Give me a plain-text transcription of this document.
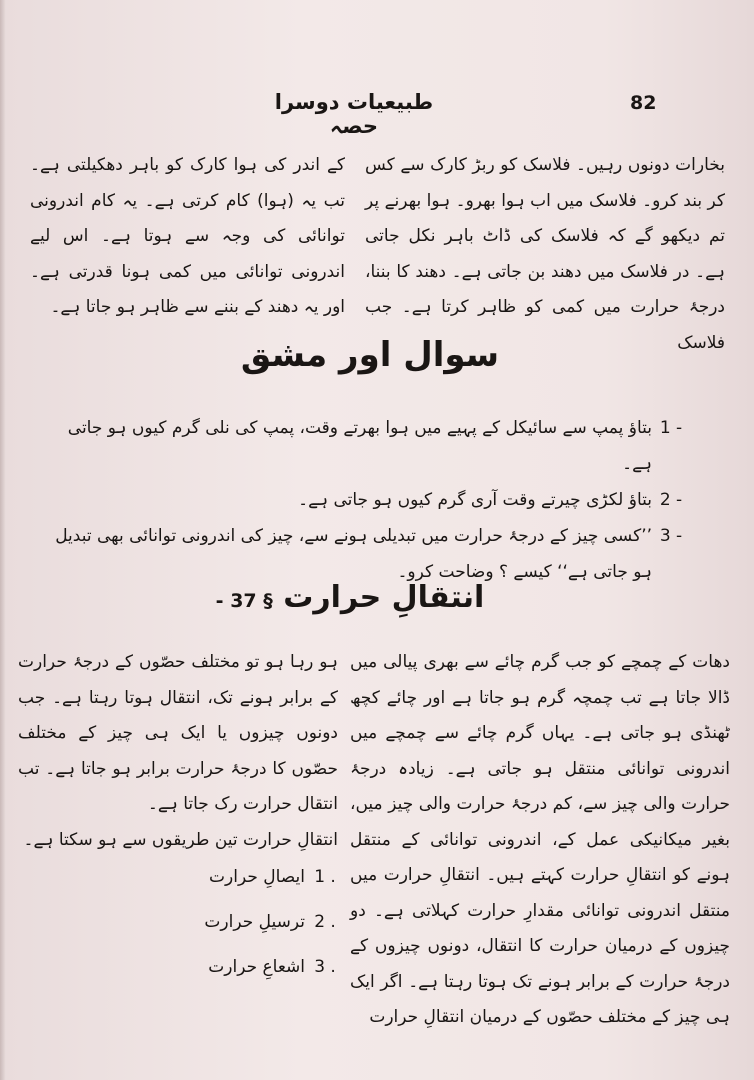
طبیعیات دوسرا حصہ
82

بخارات دونوں رہیں۔ فلاسک کو ربڑ کارک سے کس کر بند کرو۔ فلاسک میں اب ہوا بھرو۔ ہوا بھرنے پر تم دیکھو گے کہ فلاسک کی ڈاٹ باہر نکل جاتی ہے۔ در فلاسک میں دھند بن جاتی ہے۔ دھند کا بننا، درجۂ حرارت میں کمی کو ظاہر کرتا ہے۔ جب فلاسک

کے اندر کی ہوا کارک کو باہر دھکیلتی ہے۔ تب یہ (ہوا) کام کرتی ہے۔ یہ کام اندرونی توانائی کی وجہ سے ہوتا ہے۔ اس لیے اندرونی توانائی میں کمی ہونا قدرتی ہے۔ اور یہ دھند کے بننے سے ظاہر ہو جاتا ہے۔

سوال اور مشق
1 -
بتاؤ پمپ سے سائیکل کے پہیے میں ہوا بھرتے وقت، پمپ کی نلی گرم کیوں ہو جاتی ہے۔
2 -
بتاؤ لکڑی چیرتے وقت آری گرم کیوں ہو جاتی ہے۔
3 -
’’کسی چیز کے درجۂ حرارت میں تبدیلی ہونے سے، چیز کی اندرونی توانائی بھی تبدیل ہو جاتی ہے‘‘ کیسے ؟ وضاحت کرو۔
انتقالِ حرارت § 37 -

دھات کے چمچے کو جب گرم چائے سے بھری پیالی میں ڈالا جاتا ہے تب چمچہ گرم ہو جاتا ہے اور چائے کچھ ٹھنڈی ہو جاتی ہے۔ یہاں گرم چائے سے چمچے میں اندرونی توانائی منتقل ہو جاتی ہے۔ زیادہ درجۂ حرارت والی چیز سے، کم درجۂ حرارت والی چیز میں، بغیر میکانیکی عمل کے، اندرونی توانائی کے منتقل ہونے کو انتقالِ حرارت کہتے ہیں۔ انتقالِ حرارت میں منتقل اندرونی توانائی مقدارِ حرارت کہلاتی ہے۔ دو چیزوں کے درمیان حرارت کا انتقال، دونوں چیزوں کے درجۂ حرارت کے برابر ہونے تک ہوتا رہتا ہے۔ اگر ایک ہی چیز کے مختلف حصّوں کے درمیان انتقالِ حرارت

ہو رہا ہو تو مختلف حصّوں کے درجۂ حرارت کے برابر ہونے تک، انتقال ہوتا رہتا ہے۔ جب دونوں چیزوں یا ایک ہی چیز کے مختلف حصّوں کا درجۂ حرارت برابر ہو جاتا ہے۔ تب انتقال حرارت رک جاتا ہے۔

انتقالِ حرارت تین طریقوں سے ہو سکتا ہے۔

1 .
ایصالِ حرارت
2 .
ترسیلِ حرارت
3 .
اشعاعِ حرارت
